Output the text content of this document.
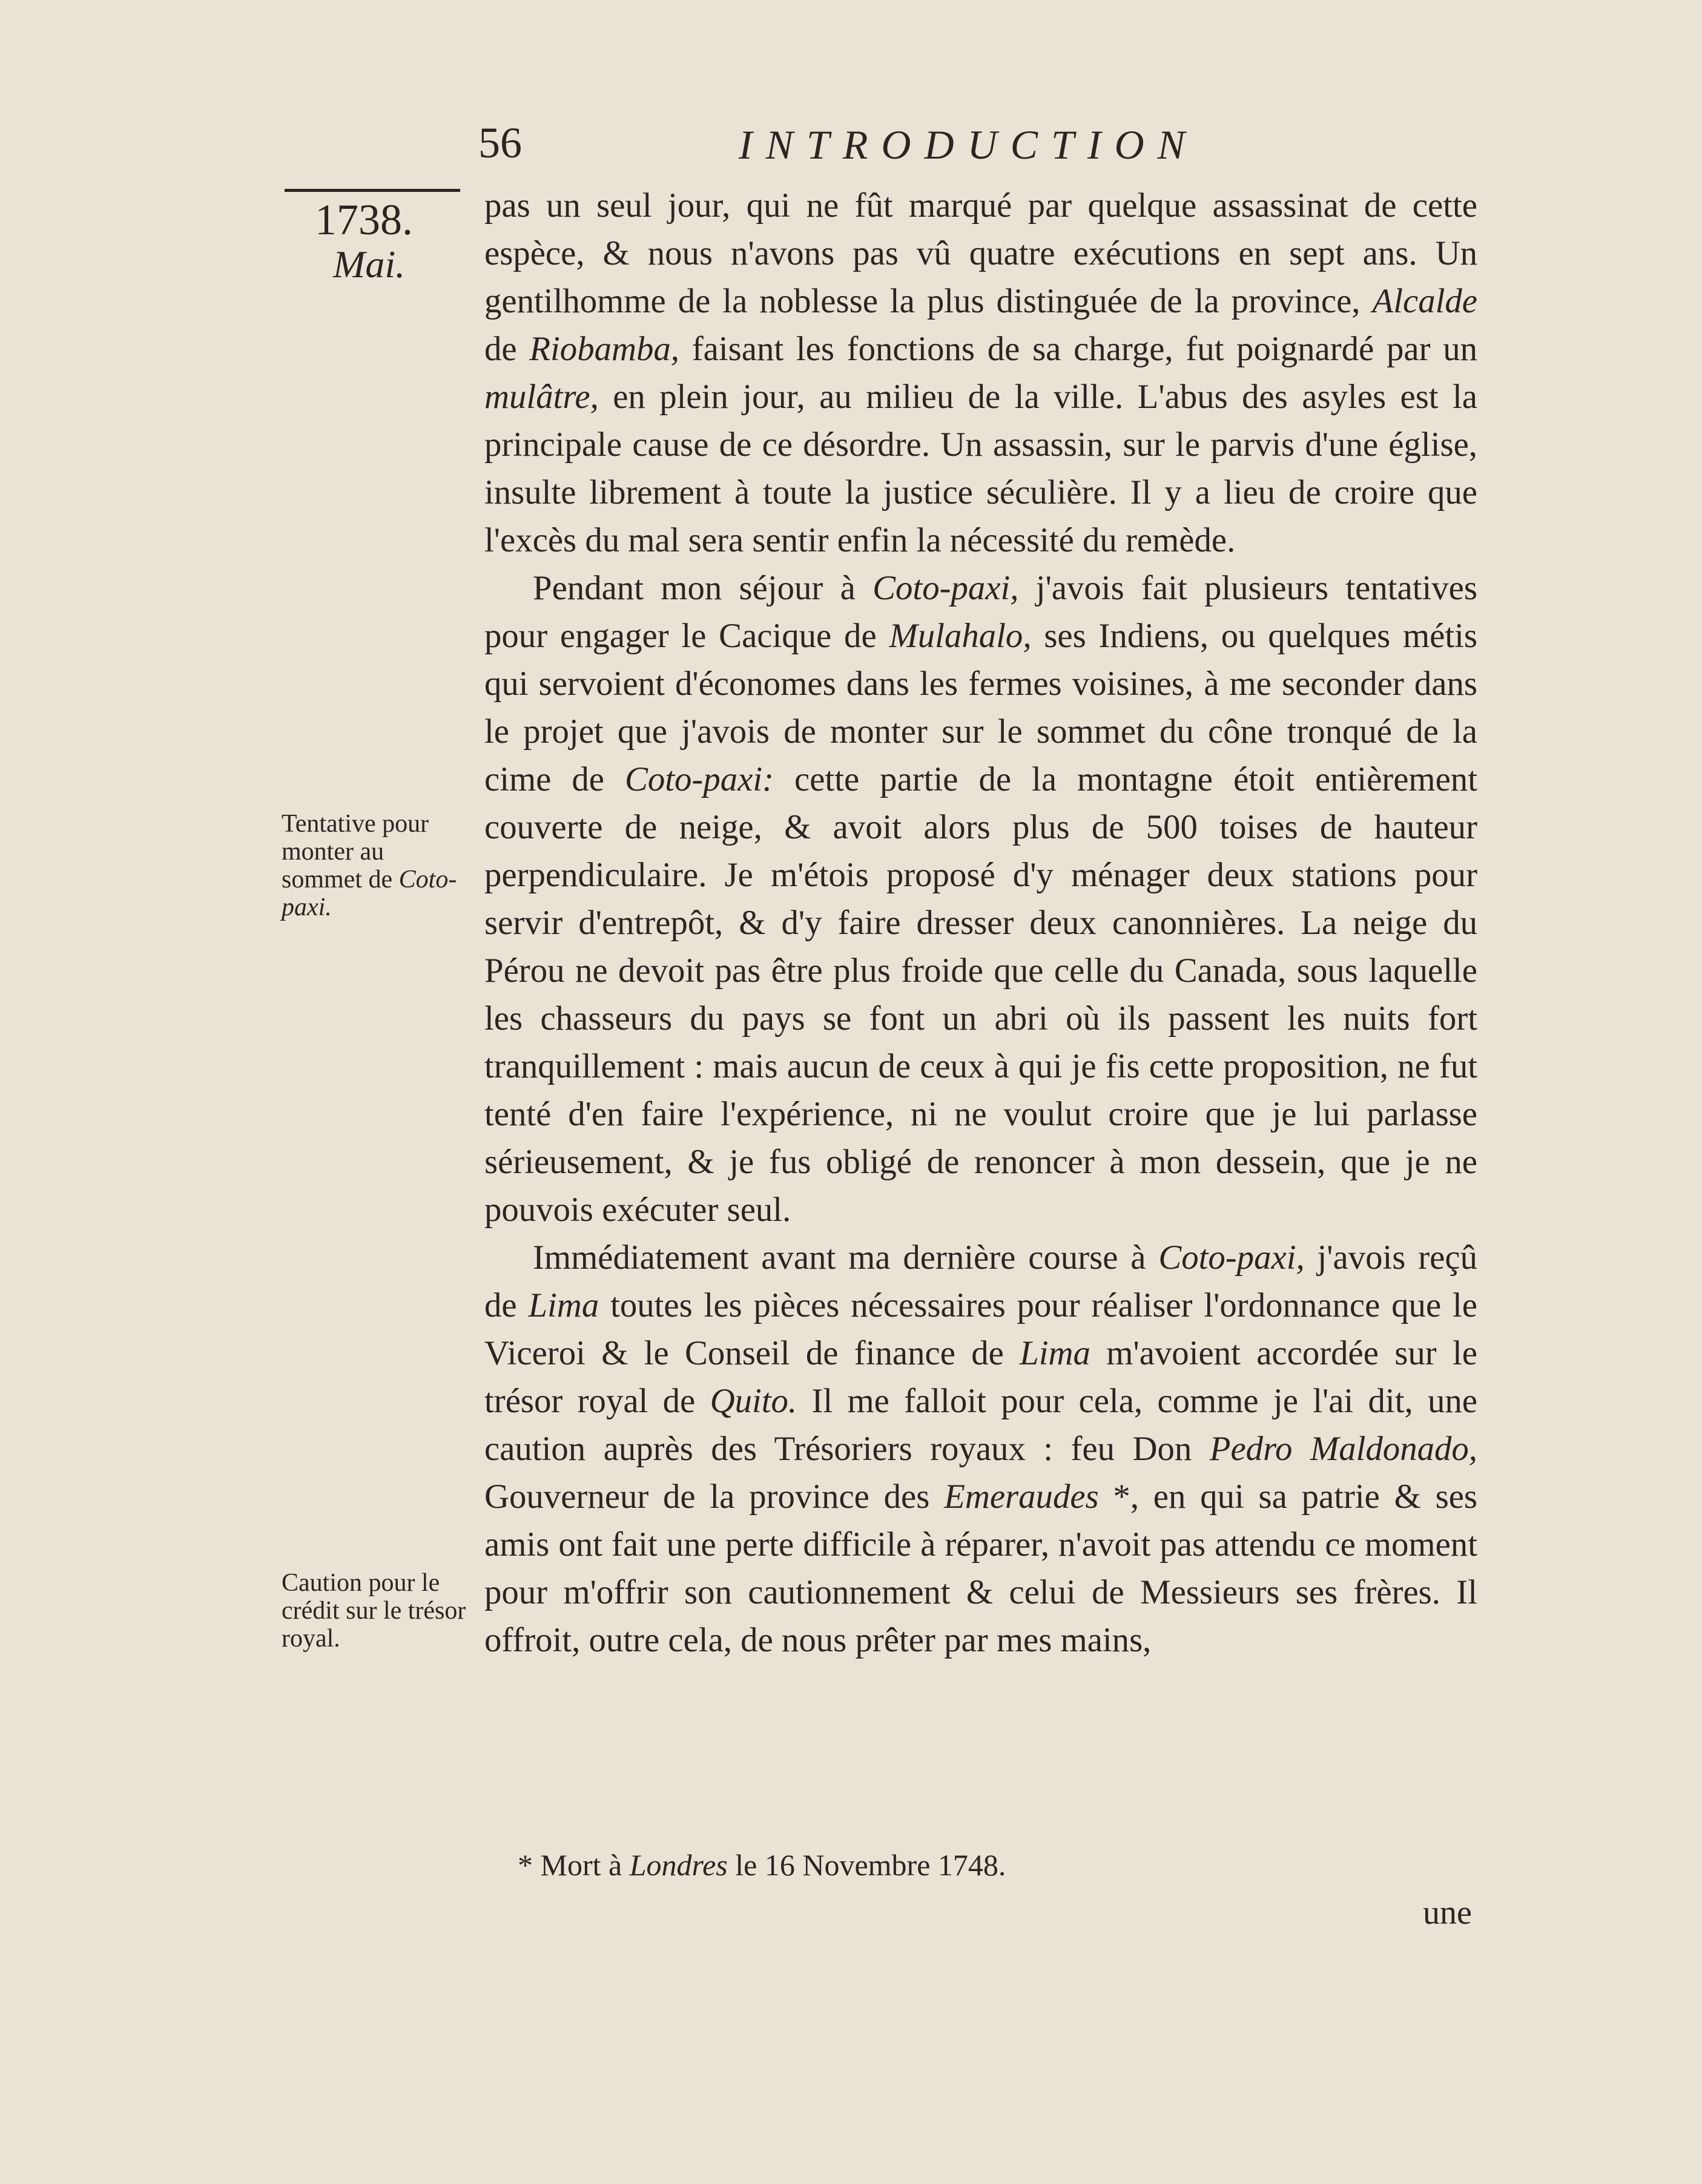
56	INTRODUCTION
1738.
Mai.

pas un seul jour, qui ne fût marqué par quelque assassinat de cette espèce, & nous n'avons pas vû quatre exécutions en sept ans. Un gentilhomme de la noblesse la plus distinguée de la province, Alcalde de Riobamba, faisant les fonctions de sa charge, fut poignardé par un mulâtre, en plein jour, au milieu de la ville. L'abus des asyles est la principale cause de ce désordre. Un assassin, sur le parvis d'une église, insulte librement à toute la justice séculière. Il y a lieu de croire que l'excès du mal sera sentir enfin la nécessité du remède.

Pendant mon séjour à Coto-paxi, j'avois fait plusieurs tentatives pour engager le Cacique de Mulahalo, ses Indiens, ou quelques métis qui servoient d'économes dans les fermes voisines, à me seconder dans le projet que j'avois de monter sur le sommet du cône tronqué de la cime de Coto-paxi: cette partie de la montagne étoit entièrement couverte de neige, & avoit alors plus de 500 toises de hauteur perpendiculaire. Je m'étois proposé d'y ménager deux stations pour servir d'entrepôt, & d'y faire dresser deux canonnières. La neige du Pérou ne devoit pas être plus froide que celle du Canada, sous laquelle les chasseurs du pays se font un abri où ils passent les nuits fort tranquillement : mais aucun de ceux à qui je fis cette proposition, ne fut tenté d'en faire l'expérience, ni ne voulut croire que je lui parlasse sérieusement, & je fus obligé de renoncer à mon dessein, que je ne pouvois exécuter seul.

Immédiatement avant ma dernière course à Coto-paxi, j'avois reçû de Lima toutes les pièces nécessaires pour réaliser l'ordonnance que le Viceroi & le Conseil de finance de Lima m'avoient accordée sur le trésor royal de Quito. Il me falloit pour cela, comme je l'ai dit, une caution auprès des Trésoriers royaux : feu Don Pedro Maldonado, Gouverneur de la province des Emeraudes *, en qui sa patrie & ses amis ont fait une perte difficile à réparer, n'avoit pas attendu ce moment pour m'offrir son cautionnement & celui de Messieurs ses frères. Il offroit, outre cela, de nous prêter par mes mains,

Tentative pour monter au sommet de Coto-paxi.
Caution pour le crédit sur le trésor royal.
* Mort à Londres le 16 Novembre 1748.
une
